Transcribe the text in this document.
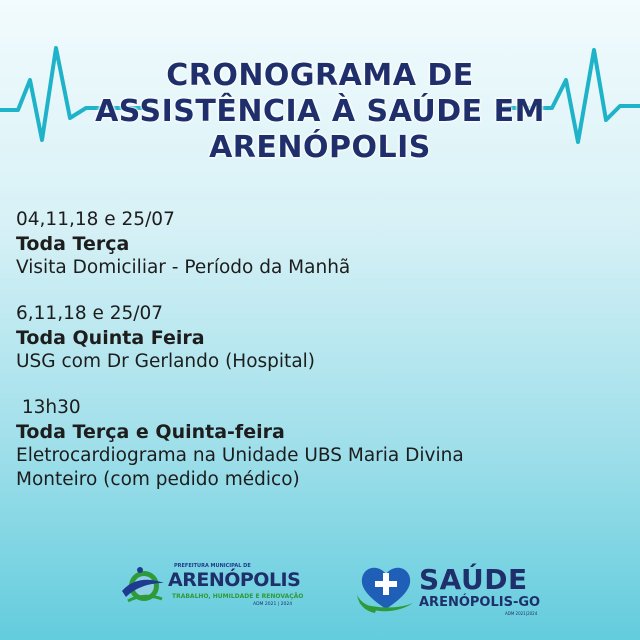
CRONOGRAMA DE
ASSISTÊNCIA À SAÚDE EM
ARENÓPOLIS
04,11,18 e 25/07
Toda Terça
Visita Domiciliar - Período da Manhã
6,11,18 e 25/07
Toda Quinta Feira
USG com Dr Gerlando (Hospital)
13h30
Toda Terça e Quinta-feira
Eletrocardiograma na Unidade UBS Maria Divina
Monteiro (com pedido médico)
PREFEITURA MUNICIPAL DE
ARENÓPOLIS
TRABALHO, HUMILDADE E RENOVAÇÃO
ADM 2021 | 2024
SAÚDE
ARENÓPOLIS-GO
ADM 2021|2024
